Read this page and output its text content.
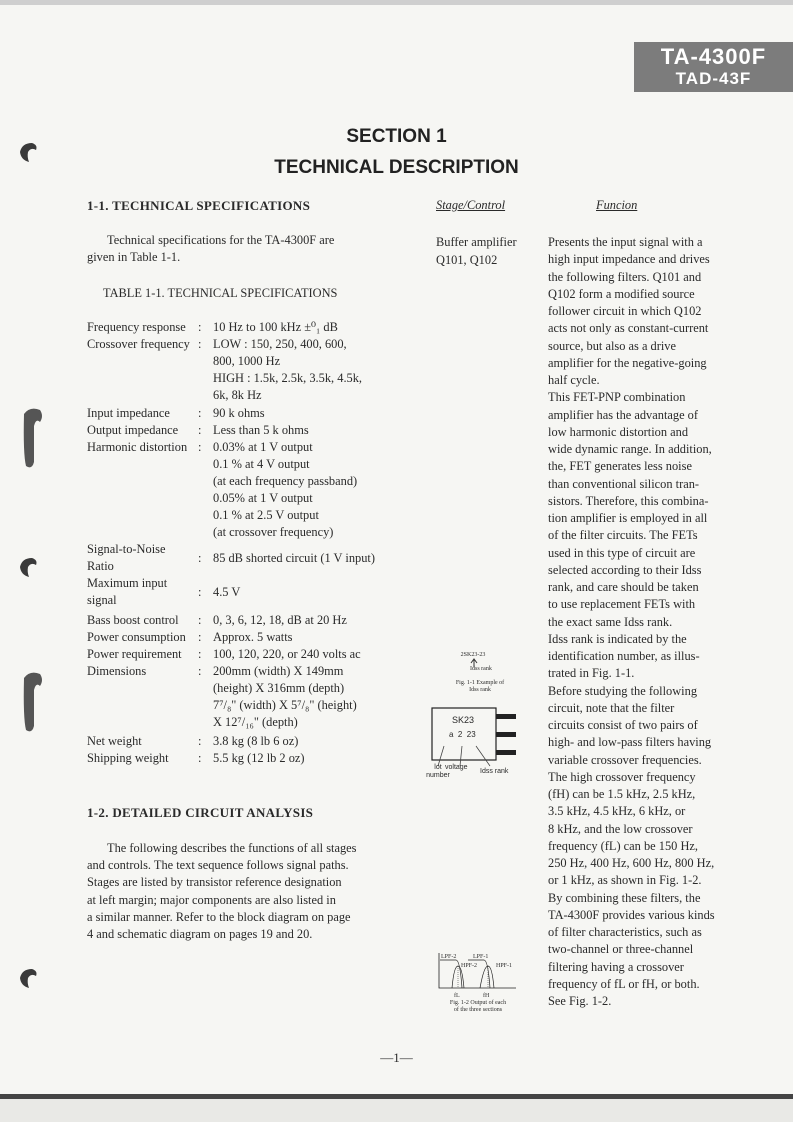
TA-4300F
TAD-43F
SECTION 1
TECHNICAL DESCRIPTION
1-1. TECHNICAL SPECIFICATIONS
Technical specifications for the TA-4300F are
given in Table 1-1.
TABLE 1-1. TECHNICAL SPECIFICATIONS
Frequency response : 10 Hz to 100 kHz ±⁰₁ dB
Crossover frequency : LOW : 150, 250, 400, 600,
800, 1000 Hz
HIGH : 1.5k, 2.5k, 3.5k, 4.5k,
6k, 8k Hz
Input impedance	: 90 k ohms
Output impedance	: Less than 5 k ohms
Harmonic distortion : 0.03% at 1 V output
0.1 % at 4 V output
(at each frequency passband)
0.05% at 1 V output
0.1 % at 2.5 V output
(at crossover frequency)
Signal-to-Noise Ratio
: 85 dB shorted circuit (1 V input)
Maximum input signal
: 4.5 V
Bass boost control	: 0, 3, 6, 12, 18, dB at 20 Hz
Power consumption : Approx. 5 watts
Power requirement	: 100, 120, 220, or 240 volts ac
Dimensions	: 200mm (width) X 149mm
(height) X 316mm (depth)
7⁷/₈" (width) X 5⁷/₈" (height)
X 12⁷/₁₆" (depth)
Net weight	: 3.8 kg (8 lb 6 oz)
Shipping weight	: 5.5 kg (12 lb 2 oz)
1-2. DETAILED CIRCUIT ANALYSIS
The following describes the functions of all stages
and controls. The text sequence follows signal paths.
Stages are listed by transistor reference designation
at left margin; major components are also listed in
a similar manner. Refer to the block diagram on page
4 and schematic diagram on pages 19 and 20.
Stage/Control	Funcion
Buffer amplifier
Q101, Q102
Presents the input signal with a
high input impedance and drives
the following filters. Q101 and
Q102 form a modified source
follower circuit in which Q102
acts not only as constant-current
source, but also as a drive
amplifier for the negative-going
half cycle.
This FET-PNP combination
amplifier has the advantage of
low harmonic distortion and
wide dynamic range. In addition,
the, FET generates less noise
than conventional silicon tran-
sistors. Therefore, this combina-
tion amplifier is employed in all
of the filter circuits. The FETs
used in this type of circuit are
selected according to their Idss
rank, and care should be taken
to use replacement FETs with
the exact same Idss rank.
Idss rank is indicated by the
identification number, as illus-
trated in Fig. 1-1.
Before studying the following
circuit, note that the filter
circuits consist of two pairs of
high- and low-pass filters having
variable crossover frequencies.
The high crossover frequency
(fH) can be 1.5 kHz, 2.5 kHz,
3.5 kHz, 4.5 kHz, 6 kHz, or
8 kHz, and the low crossover
frequency (fL) can be 150 Hz,
250 Hz, 400 Hz, 600 Hz, 800 Hz,
or 1 kHz, as shown in Fig. 1-2.
By combining these filters, the
TA-4300F provides various kinds
of filter characteristics, such as
two-channel or three-channel
filtering having a crossover
frequency of fL or fH, or both.
See Fig. 1-2.
2SK23-23
Idss rank
Fig. 1-1 Example of
Idss rank
SK23
a  2  23
lot
number
voltage
Idss rank
LPF-2	LPF-1
HPF-2	HPF-1
fL	fH
Fig. 1-2 Output of each
of the three sections
—1—
